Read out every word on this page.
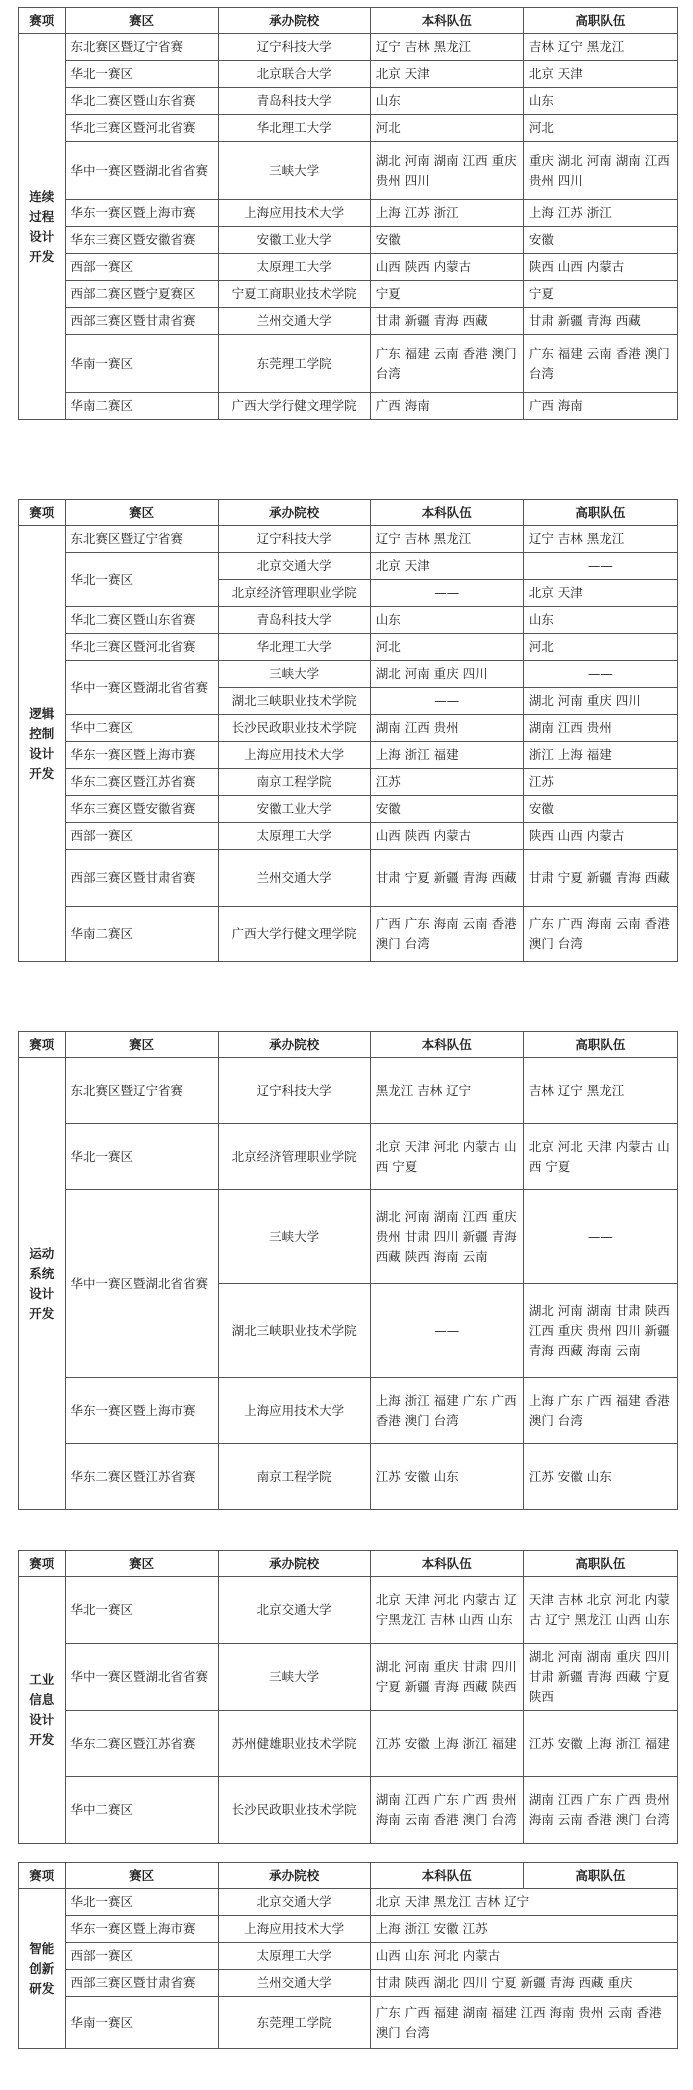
赛项	赛区	承办院校	本科队伍	高职队伍
连续过程设计开发	东北赛区暨辽宁省赛	辽宁科技大学	辽宁 吉林 黑龙江	吉林 辽宁 黑龙江
	华北一赛区	北京联合大学	北京 天津	北京 天津
	华北二赛区暨山东省赛	青岛科技大学	山东	山东
	华北三赛区暨河北省赛	华北理工大学	河北	河北
	华中一赛区暨湖北省省赛	三峡大学	湖北 河南 湖南 江西 重庆 贵州 四川	重庆 湖北 河南 湖南 江西 贵州 四川
	华东一赛区暨上海市赛	上海应用技术大学	上海 江苏 浙江	上海 江苏 浙江
	华东三赛区暨安徽省赛	安徽工业大学	安徽	安徽
	西部一赛区	太原理工大学	山西 陕西 内蒙古	陕西 山西 内蒙古
	西部二赛区暨宁夏赛区	宁夏工商职业技术学院	宁夏	宁夏
	西部三赛区暨甘肃省赛	兰州交通大学	甘肃 新疆 青海 西藏	甘肃 新疆 青海 西藏
	华南一赛区	东莞理工学院	广东 福建 云南 香港 澳门 台湾	广东 福建 云南 香港 澳门 台湾
	华南二赛区	广西大学行健文理学院	广西 海南	广西 海南
赛项	赛区	承办院校	本科队伍	高职队伍
逻辑控制设计开发	东北赛区暨辽宁省赛	辽宁科技大学	辽宁 吉林 黑龙江	辽宁 吉林 黑龙江
	华北一赛区	北京交通大学	北京 天津	——
		北京经济管理职业学院	——	北京 天津
	华北二赛区暨山东省赛	青岛科技大学	山东	山东
	华北三赛区暨河北省赛	华北理工大学	河北	河北
	华中一赛区暨湖北省省赛	三峡大学	湖北 河南 重庆 四川	——
		湖北三峡职业技术学院	——	湖北 河南 重庆 四川
	华中二赛区	长沙民政职业技术学院	湖南 江西 贵州	湖南 江西 贵州
	华东一赛区暨上海市赛	上海应用技术大学	上海 浙江 福建	浙江 上海 福建
	华东二赛区暨江苏省赛	南京工程学院	江苏	江苏
	华东三赛区暨安徽省赛	安徽工业大学	安徽	安徽
	西部一赛区	太原理工大学	山西 陕西 内蒙古	陕西 山西 内蒙古
	西部三赛区暨甘肃省赛	兰州交通大学	甘肃 宁夏 新疆 青海 西藏	甘肃 宁夏 新疆 青海 西藏
	华南二赛区	广西大学行健文理学院	广西 广东 海南 云南 香港 澳门 台湾	广东 广西 海南 云南 香港 澳门 台湾
赛项	赛区	承办院校	本科队伍	高职队伍
运动系统设计开发	东北赛区暨辽宁省赛	辽宁科技大学	黑龙江 吉林 辽宁	吉林 辽宁 黑龙江
	华北一赛区	北京经济管理职业学院	北京 天津 河北 内蒙古 山西 宁夏	北京 河北 天津 内蒙古 山西 宁夏
	华中一赛区暨湖北省省赛	三峡大学	湖北 河南 湖南 江西 重庆 贵州 甘肃 四川 新疆 青海 西藏 陕西 海南 云南	——
		湖北三峡职业技术学院	——	湖北 河南 湖南 甘肃 陕西 江西 重庆 贵州 四川 新疆 青海 西藏 海南 云南
	华东一赛区暨上海市赛	上海应用技术大学	上海 浙江 福建 广东 广西 香港 澳门 台湾	上海 广东 广西 福建 香港 澳门 台湾
	华东二赛区暨江苏省赛	南京工程学院	江苏 安徽 山东	江苏 安徽 山东
赛项	赛区	承办院校	本科队伍	高职队伍
工业信息设计开发	华北一赛区	北京交通大学	北京 天津 河北 内蒙古 辽宁黑龙江 吉林 山西 山东	天津 吉林 北京 河北 内蒙古 辽宁 黑龙江 山西 山东
	华中一赛区暨湖北省省赛	三峡大学	湖北 河南 重庆 甘肃 四川 宁夏 新疆 青海 西藏 陕西	湖北 河南 湖南 重庆 四川 甘肃 新疆 青海 西藏 宁夏 陕西
	华东二赛区暨江苏省赛	苏州健雄职业技术学院	江苏 安徽 上海 浙江 福建	江苏 安徽 上海 浙江 福建
	华中二赛区	长沙民政职业技术学院	湖南 江西 广东 广西 贵州 海南 云南 香港 澳门 台湾	湖南 江西 广东 广西 贵州 海南 云南 香港 澳门 台湾
赛项	赛区	承办院校	本科队伍	高职队伍
智能创新研发	华北一赛区	北京交通大学	北京 天津 黑龙江 吉林 辽宁	
	华东一赛区暨上海市赛	上海应用技术大学	上海 浙江 安徽 江苏	
	西部一赛区	太原理工大学	山西 山东 河北 内蒙古	
	西部三赛区暨甘肃省赛	兰州交通大学	甘肃 陕西 湖北 四川 宁夏 新疆 青海 西藏 重庆	
	华南一赛区	东莞理工学院	广东 广西 福建 湖南 福建 江西 海南 贵州 云南 香港 澳门 台湾	
